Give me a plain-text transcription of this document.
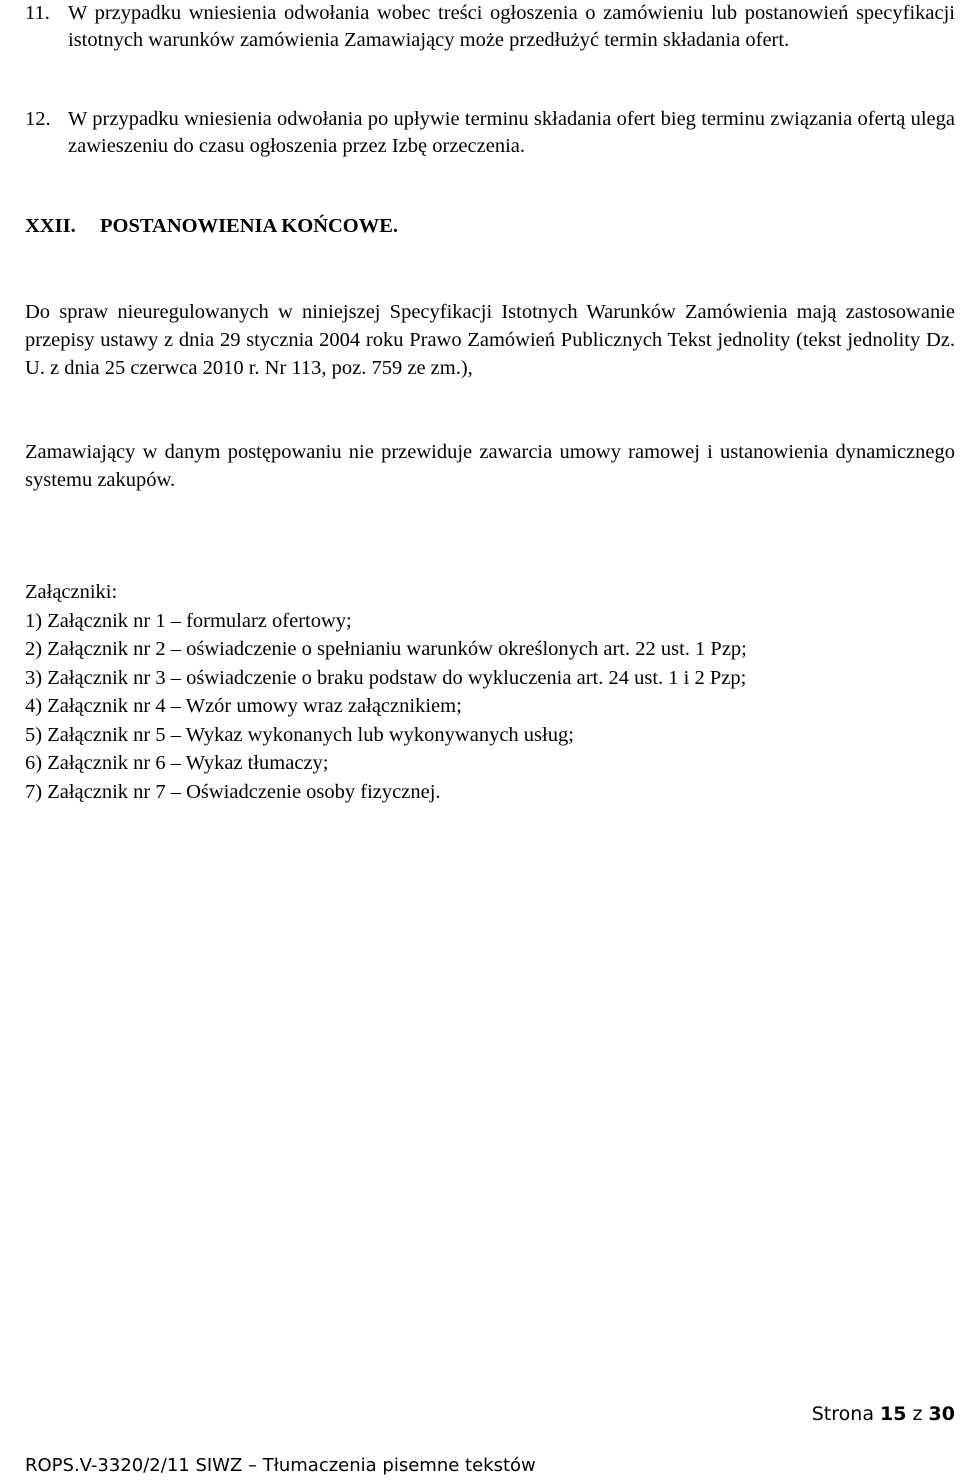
11. W przypadku wniesienia odwołania wobec treści ogłoszenia o zamówieniu lub postanowień specyfikacji istotnych warunków zamówienia Zamawiający może przedłużyć termin składania ofert.
12. W przypadku wniesienia odwołania po upływie terminu składania ofert bieg terminu związania ofertą ulega zawieszeniu do czasu ogłoszenia przez Izbę orzeczenia.
XXII. POSTANOWIENIA KOŃCOWE.
Do spraw nieuregulowanych w niniejszej Specyfikacji Istotnych Warunków Zamówienia mają zastosowanie przepisy ustawy z dnia 29 stycznia 2004 roku Prawo Zamówień Publicznych Tekst jednolity (tekst jednolity Dz. U. z dnia 25 czerwca 2010 r. Nr 113, poz. 759 ze zm.),
Zamawiający w danym postępowaniu nie przewiduje zawarcia umowy ramowej i ustanowienia dynamicznego systemu zakupów.
Załączniki:
1) Załącznik nr 1 – formularz ofertowy;
2) Załącznik nr 2 – oświadczenie o spełnianiu warunków określonych art. 22 ust. 1 Pzp;
3) Załącznik nr 3 – oświadczenie o braku podstaw do wykluczenia art. 24 ust. 1 i 2 Pzp;
4) Załącznik nr 4 – Wzór umowy wraz załącznikiem;
5) Załącznik nr 5 – Wykaz wykonanych lub wykonywanych usług;
6) Załącznik nr 6 – Wykaz tłumaczy;
7) Załącznik nr 7 – Oświadczenie osoby fizycznej.
Strona 15 z 30
ROPS.V-3320/2/11 SIWZ – Tłumaczenia pisemne tekstów
